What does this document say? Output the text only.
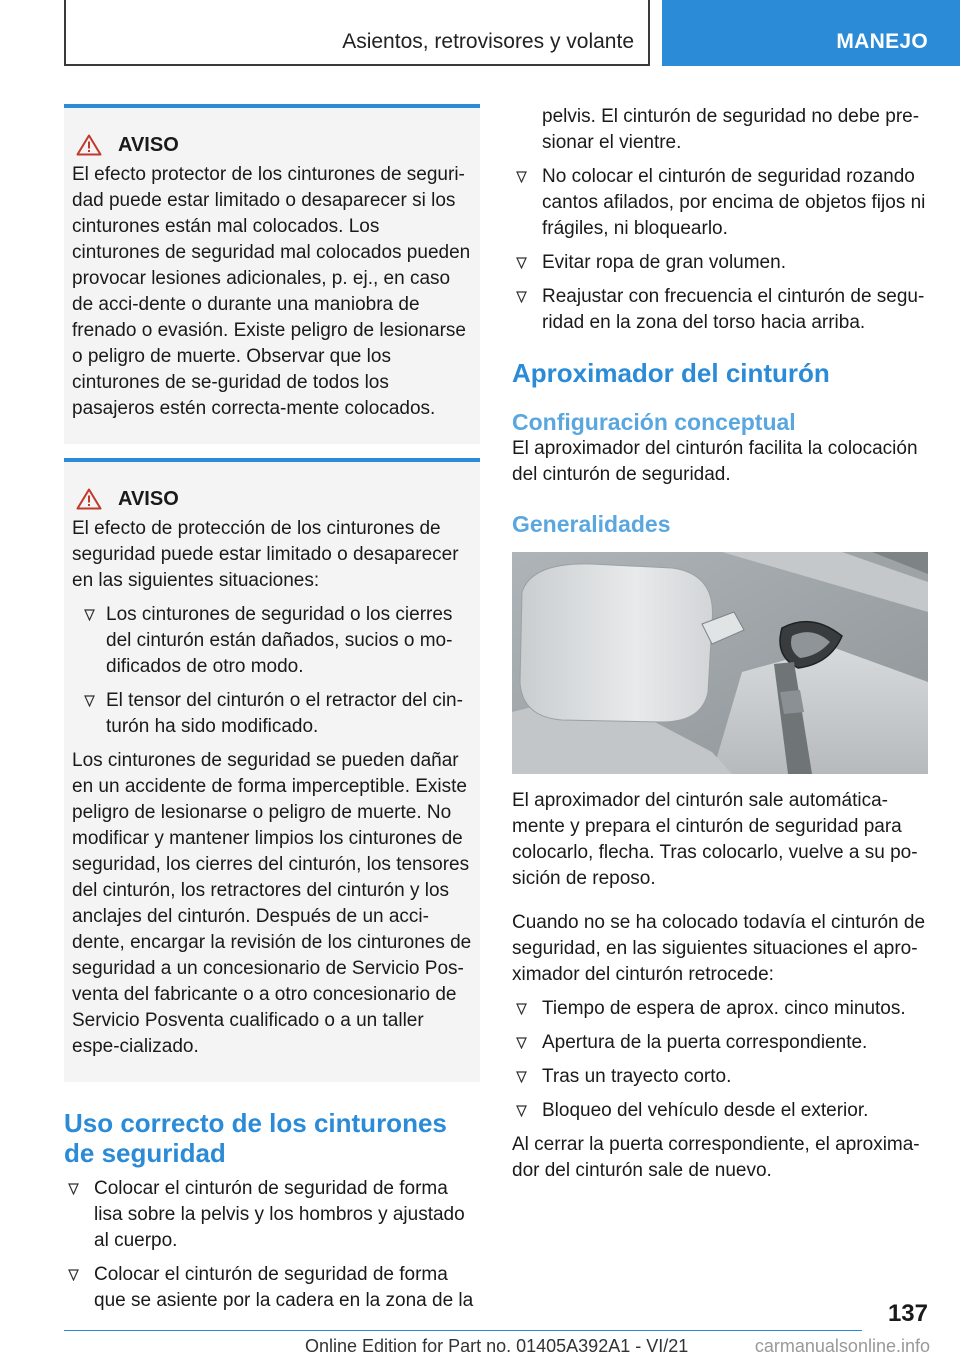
Asientos, retrovisores y volante	MANEJO
AVISO

El efecto protector de los cinturones de seguri-dad puede estar limitado o desaparecer si los cinturones están mal colocados. Los cinturones de seguridad mal colocados pueden provocar lesiones adicionales, p. ej., en caso de acci-dente o durante una maniobra de frenado o evasión. Existe peligro de lesionarse o peligro de muerte. Observar que los cinturones de se-guridad de todos los pasajeros estén correcta-mente colocados.

AVISO

El efecto de protección de los cinturones de seguridad puede estar limitado o desaparecer en las siguientes situaciones:

Los cinturones de seguridad o los cierres del cinturón están dañados, sucios o mo-dificados de otro modo.
El tensor del cinturón o el retractor del cin-turón ha sido modificado.

Los cinturones de seguridad se pueden dañar en un accidente de forma imperceptible. Existe peligro de lesionarse o peligro de muerte. No modificar y mantener limpios los cinturones de seguridad, los cierres del cinturón, los tensores del cinturón, los retractores del cinturón y los anclajes del cinturón. Después de un acci-dente, encargar la revisión de los cinturones de seguridad a un concesionario de Servicio Pos-venta del fabricante o a otro concesionario de Servicio Posventa cualificado o a un taller espe-cializado.

Uso correcto de los cinturones de seguridad
Colocar el cinturón de seguridad de forma lisa sobre la pelvis y los hombros y ajustado al cuerpo.
Colocar el cinturón de seguridad de forma que se asiente por la cadera en la zona de la

pelvis. El cinturón de seguridad no debe pre-sionar el vientre.

No colocar el cinturón de seguridad rozando cantos afilados, por encima de objetos fijos ni frágiles, ni bloquearlo.
Evitar ropa de gran volumen.
Reajustar con frecuencia el cinturón de segu-ridad en la zona del torso hacia arriba.
Aproximador del cinturón
Configuración conceptual

El aproximador del cinturón facilita la colocación del cinturón de seguridad.

Generalidades

El aproximador del cinturón sale automática-mente y prepara el cinturón de seguridad para colocarlo, flecha. Tras colocarlo, vuelve a su po-sición de reposo.

Cuando no se ha colocado todavía el cinturón de seguridad, en las siguientes situaciones el apro-ximador del cinturón retrocede:

Tiempo de espera de aprox. cinco minutos.
Apertura de la puerta correspondiente.
Tras un trayecto corto.
Bloqueo del vehículo desde el exterior.

Al cerrar la puerta correspondiente, el aproxima-dor del cinturón sale de nuevo.

137
Online Edition for Part no. 01405A392A1 - VI/21	carmanualsonline.info
